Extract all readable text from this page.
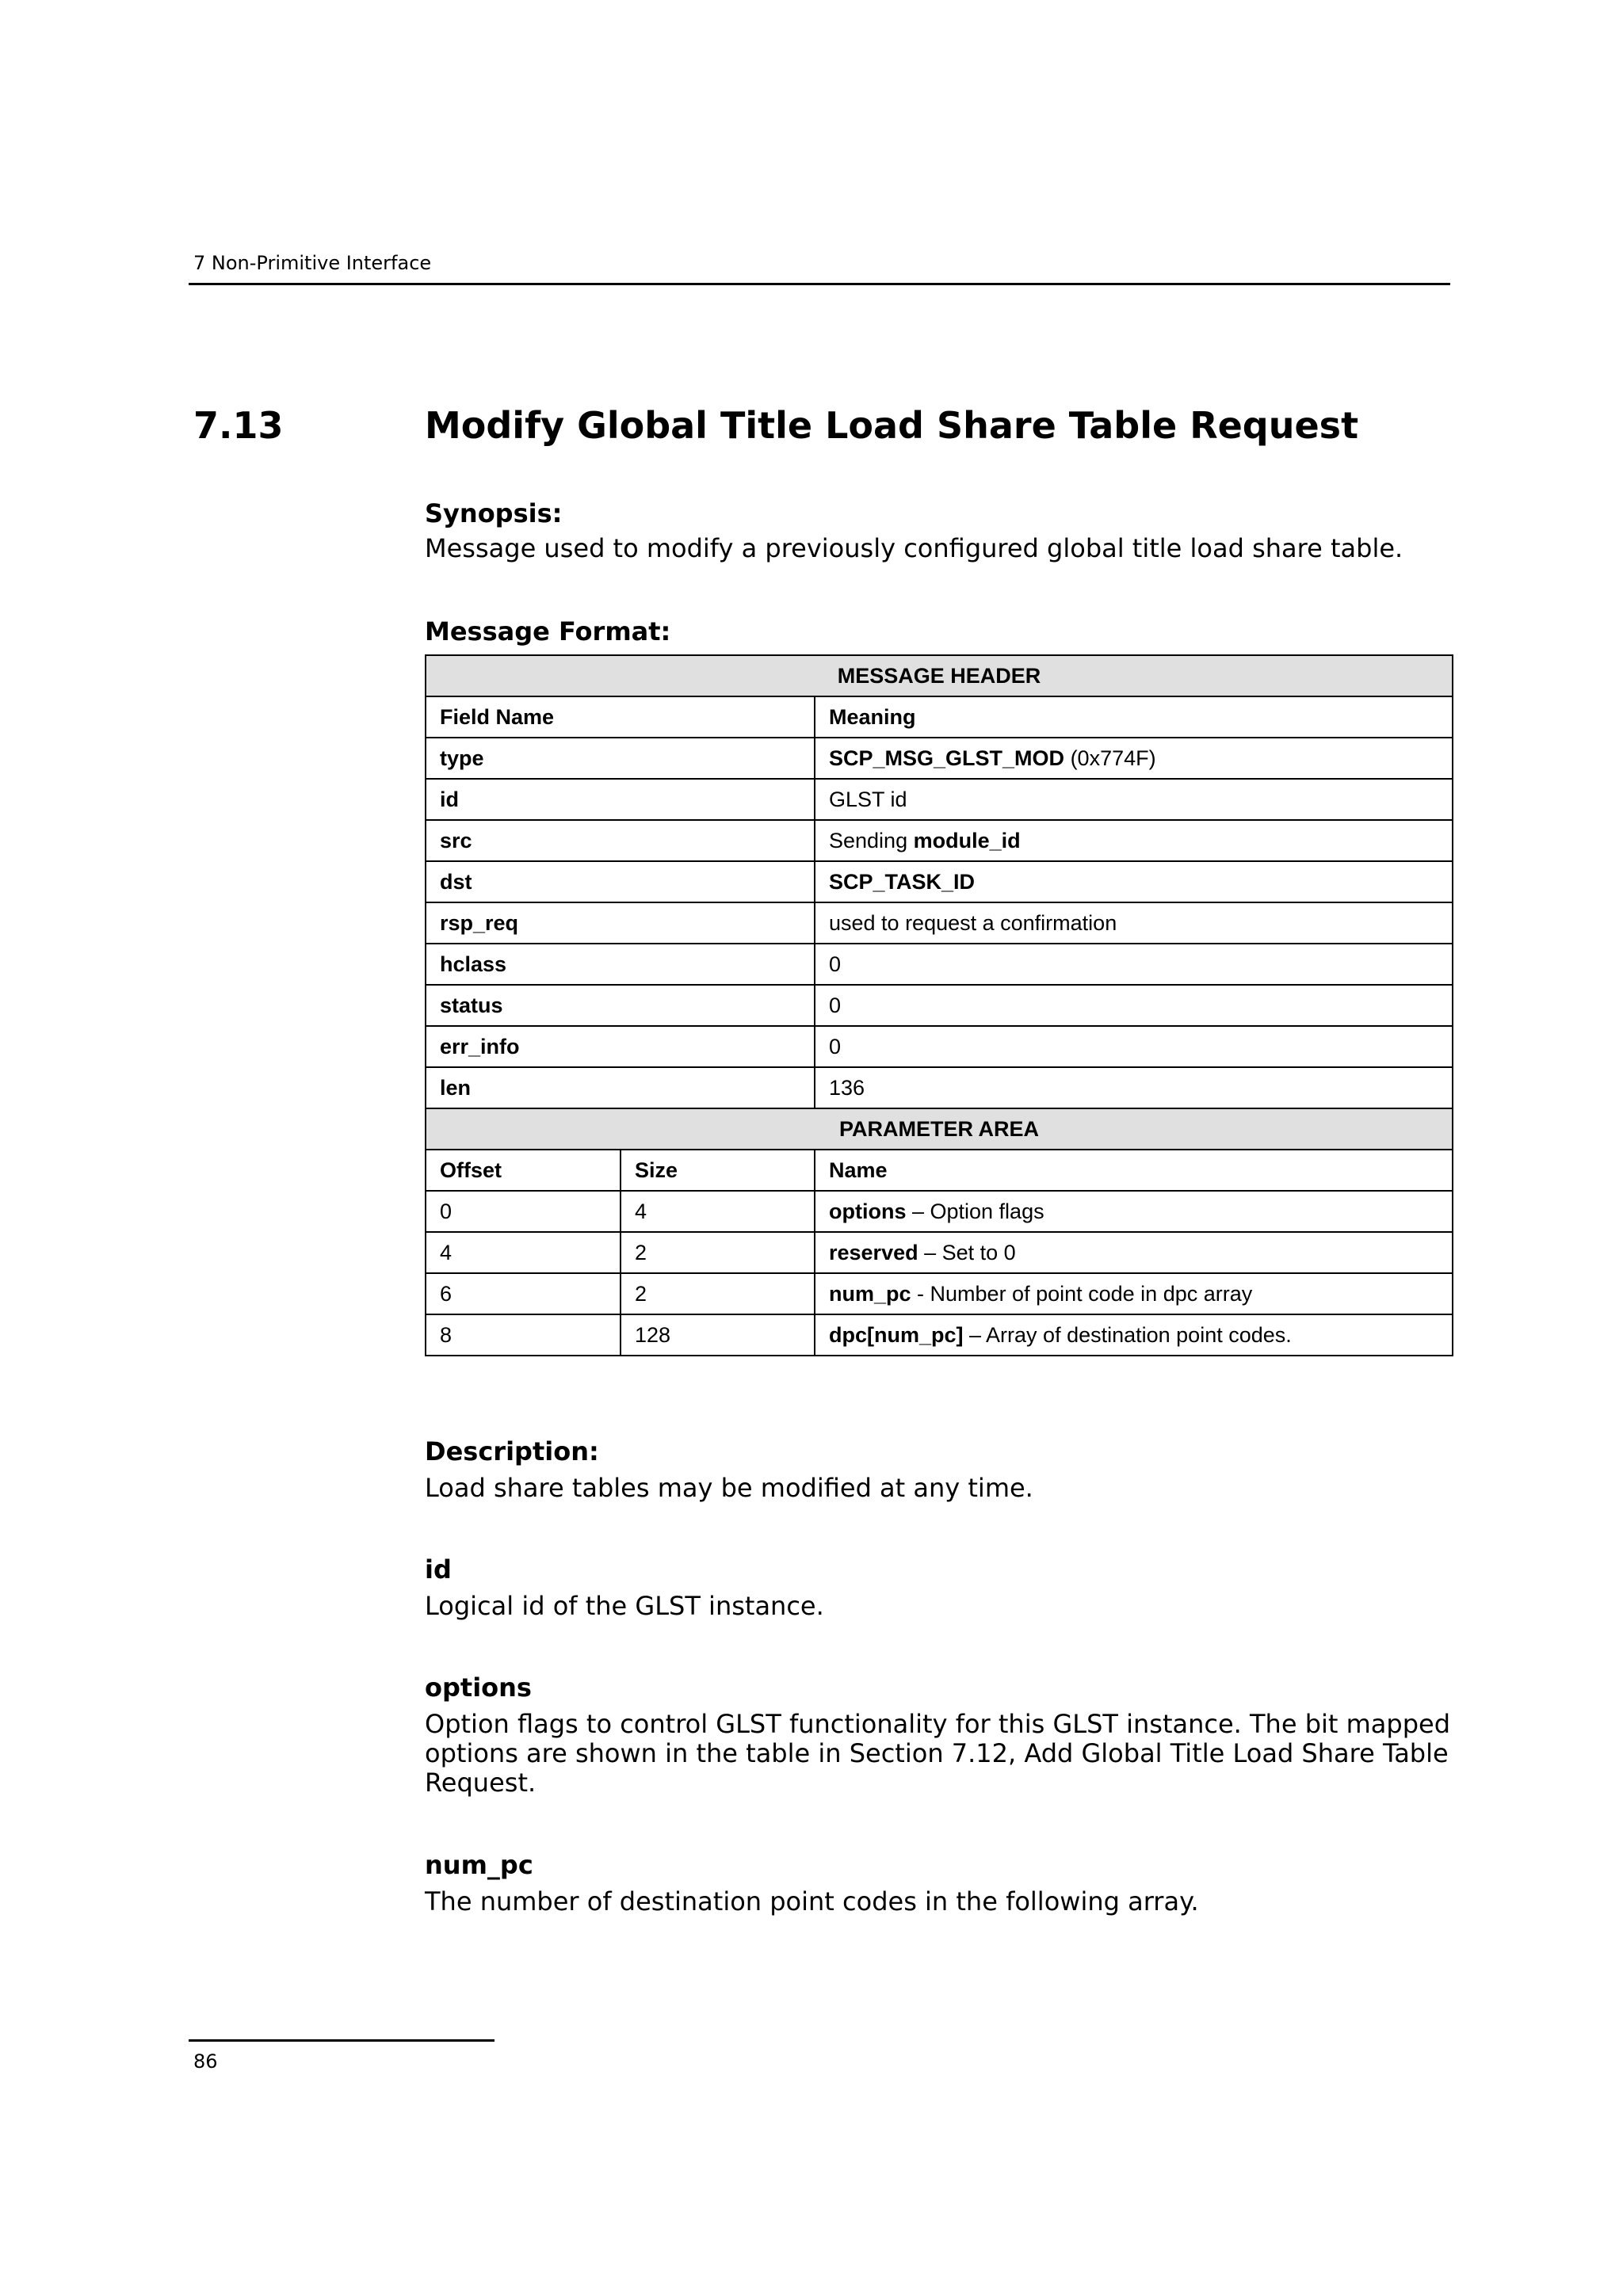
7 Non-Primitive Interface
7.13	Modify Global Title Load Share Table Request
Synopsis:
Message used to modify a previously configured global title load share table.
Message Format:
MESSAGE HEADER		
Field Name		Meaning
type		SCP_MSG_GLST_MOD (0x774F)
id		GLST id
src		Sending module_id
dst		SCP_TASK_ID
rsp_req		used to request a confirmation
hclass		0
status		0
err_info		0
len		136
PARAMETER AREA		
Offset	Size	Name
0	4	options – Option flags
4	2	reserved – Set to 0
6	2	num_pc - Number of point code in dpc array
8	128	dpc[num_pc] – Array of destination point codes.
Description:
Load share tables may be modified at any time.
id
Logical id of the GLST instance.
options
Option flags to control GLST functionality for this GLST instance. The bit mapped options are shown in the table in Section 7.12, Add Global Title Load Share Table Request.
num_pc
The number of destination point codes in the following array.
86
